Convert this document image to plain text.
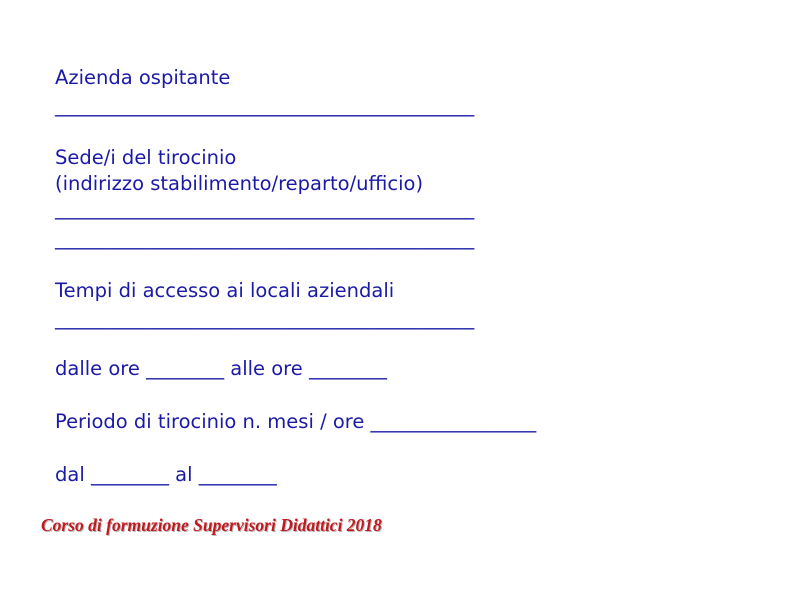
Azienda ospitante
___________________________________________
Sede/i del tirocinio
(indirizzo stabilimento/reparto/ufficio)
___________________________________________
___________________________________________
Tempi di accesso ai locali aziendali
___________________________________________
dalle ore ________ alle ore ________
Periodo di tirocinio n. mesi / ore _________________
dal ________ al ________
Corso di formuzione Supervisori Didattici 2018
